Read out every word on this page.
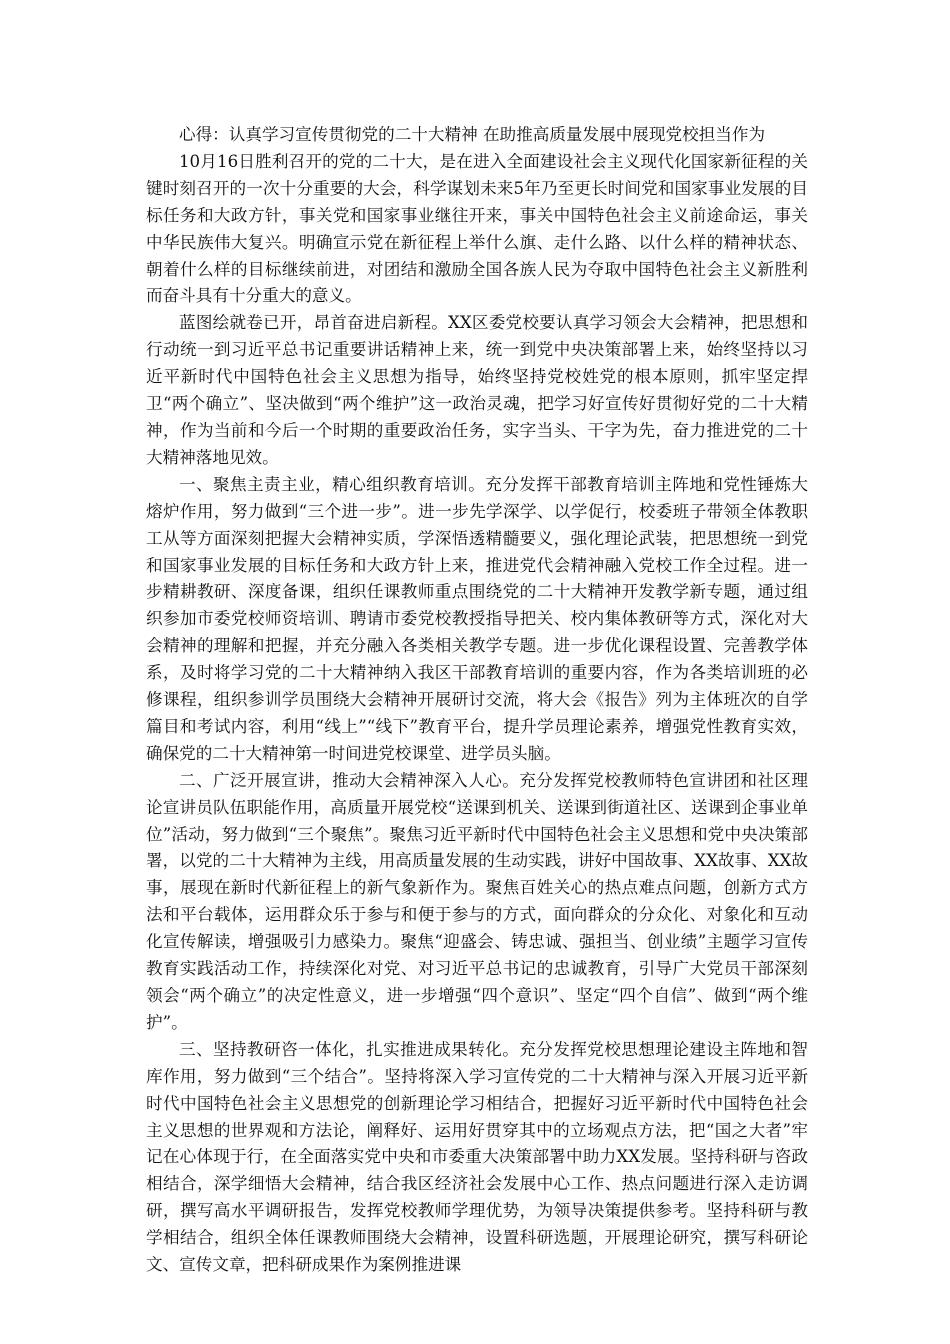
心得：认真学习宣传贯彻党的二十大精神 在助推高质量发展中展现党校担当作为

10月16日胜利召开的党的二十大，是在进入全面建设社会主义现代化国家新征程的关键时刻召开的一次十分重要的大会，科学谋划未来5年乃至更长时间党和国家事业发展的目标任务和大政方针，事关党和国家事业继往开来，事关中国特色社会主义前途命运，事关中华民族伟大复兴。明确宣示党在新征程上举什么旗、走什么路、以什么样的精神状态、朝着什么样的目标继续前进，对团结和激励全国各族人民为夺取中国特色社会主义新胜利而奋斗具有十分重大的意义。

蓝图绘就卷已开，昂首奋进启新程。XX区委党校要认真学习领会大会精神，把思想和行动统一到习近平总书记重要讲话精神上来，统一到党中央决策部署上来，始终坚持以习近平新时代中国特色社会主义思想为指导，始终坚持党校姓党的根本原则，抓牢坚定捍卫“两个确立”、坚决做到“两个维护”这一政治灵魂，把学习好宣传好贯彻好党的二十大精神，作为当前和今后一个时期的重要政治任务，实字当头、干字为先，奋力推进党的二十大精神落地见效。

一、聚焦主责主业，精心组织教育培训。充分发挥干部教育培训主阵地和党性锤炼大熔炉作用，努力做到“三个进一步”。进一步先学深学、以学促行，校委班子带领全体教职工从等方面深刻把握大会精神实质，学深悟透精髓要义，强化理论武装，把思想统一到党和国家事业发展的目标任务和大政方针上来，推进党代会精神融入党校工作全过程。进一步精耕教研、深度备课，组织任课教师重点围绕党的二十大精神开发教学新专题，通过组织参加市委党校师资培训、聘请市委党校教授指导把关、校内集体教研等方式，深化对大会精神的理解和把握，并充分融入各类相关教学专题。进一步优化课程设置、完善教学体系，及时将学习党的二十大精神纳入我区干部教育培训的重要内容，作为各类培训班的必修课程，组织参训学员围绕大会精神开展研讨交流，将大会《报告》列为主体班次的自学篇目和考试内容，利用“线上”“线下”教育平台，提升学员理论素养，增强党性教育实效，确保党的二十大精神第一时间进党校课堂、进学员头脑。

二、广泛开展宣讲，推动大会精神深入人心。充分发挥党校教师特色宣讲团和社区理论宣讲员队伍职能作用，高质量开展党校“送课到机关、送课到街道社区、送课到企事业单位”活动，努力做到“三个聚焦”。聚焦习近平新时代中国特色社会主义思想和党中央决策部署，以党的二十大精神为主线，用高质量发展的生动实践，讲好中国故事、XX故事、XX故事，展现在新时代新征程上的新气象新作为。聚焦百姓关心的热点难点问题，创新方式方法和平台载体，运用群众乐于参与和便于参与的方式，面向群众的分众化、对象化和互动化宣传解读，增强吸引力感染力。聚焦“迎盛会、铸忠诚、强担当、创业绩”主题学习宣传教育实践活动工作，持续深化对党、对习近平总书记的忠诚教育，引导广大党员干部深刻领会“两个确立”的决定性意义，进一步增强“四个意识”、坚定“四个自信”、做到“两个维护”。

三、坚持教研咨一体化，扎实推进成果转化。充分发挥党校思想理论建设主阵地和智库作用，努力做到“三个结合”。坚持将深入学习宣传党的二十大精神与深入开展习近平新时代中国特色社会主义思想党的创新理论学习相结合，把握好习近平新时代中国特色社会主义思想的世界观和方法论，阐释好、运用好贯穿其中的立场观点方法，把“国之大者”牢记在心体现于行，在全面落实党中央和市委重大决策部署中助力XX发展。坚持科研与咨政相结合，深学细悟大会精神，结合我区经济社会发展中心工作、热点问题进行深入走访调研，撰写高水平调研报告，发挥党校教师学理优势，为领导决策提供参考。坚持科研与教学相结合，组织全体任课教师围绕大会精神，设置科研选题，开展理论研究，撰写科研论文、宣传文章，把科研成果作为案例推进课
